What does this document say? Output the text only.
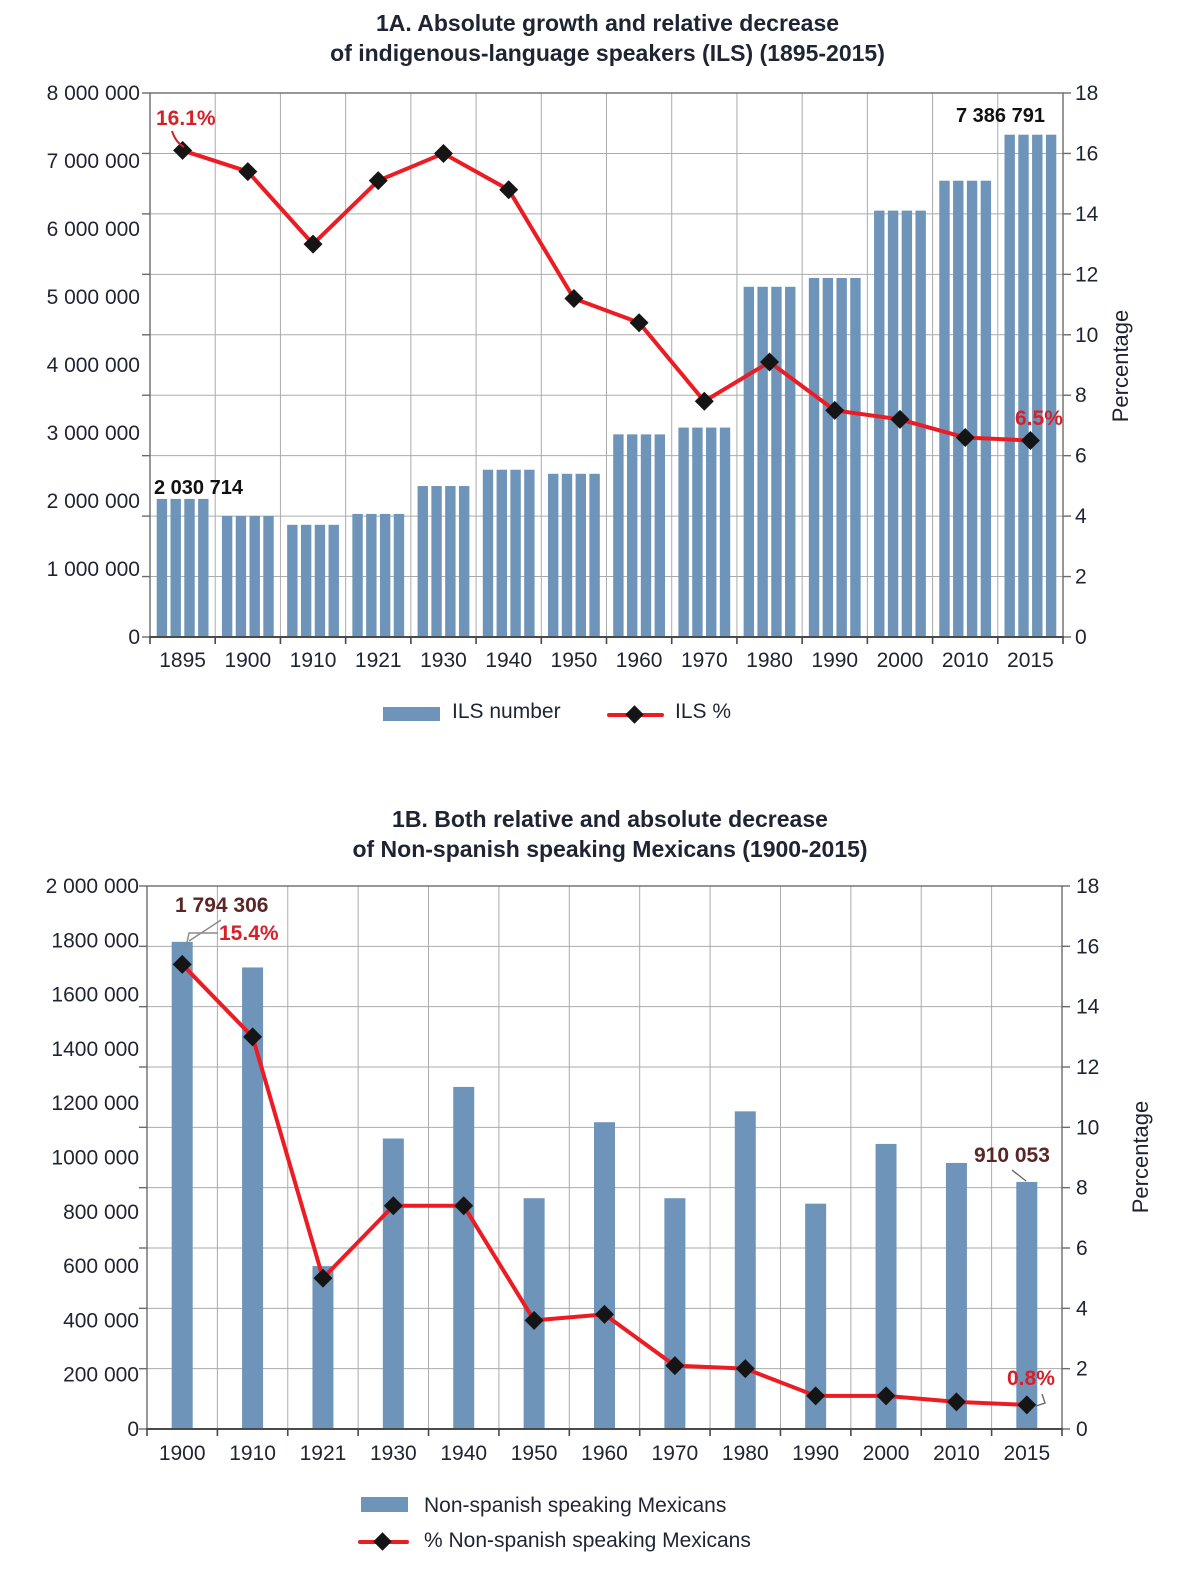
8 000 000
7 000 000
6 000 000
5 000 000
4 000 000
3 000 000
2 000 000
1 000 000
0
18
16
14
12
10
8
6
4
2
0
1895 1900 1910 1921 1930 1940 1950 1960 1970 1980 1990 2000 2010 2015
Percentage
2 000 000
1800 000
1600 000
1400 000
1200 000
1000 000
800 000
600 000
400 000
200 000
0
18
16
14
12
10
8
6
4
2
0
1900 1910 1921 1930 1940 1950 1960 1970 1980 1990 2000 2010 2015
Percentage
1A. Absolute growth and relative decrease
of indigenous-language speakers (ILS) (1895-2015)
ILS number	ILS %
16.1%
2 030 714
7 386 791
6.5%
1B. Both relative and absolute decrease
of Non-spanish speaking Mexicans (1900-2015)
Non-spanish speaking Mexicans
% Non-spanish speaking Mexicans
1 794 306
15.4%
910 053
0.8%
